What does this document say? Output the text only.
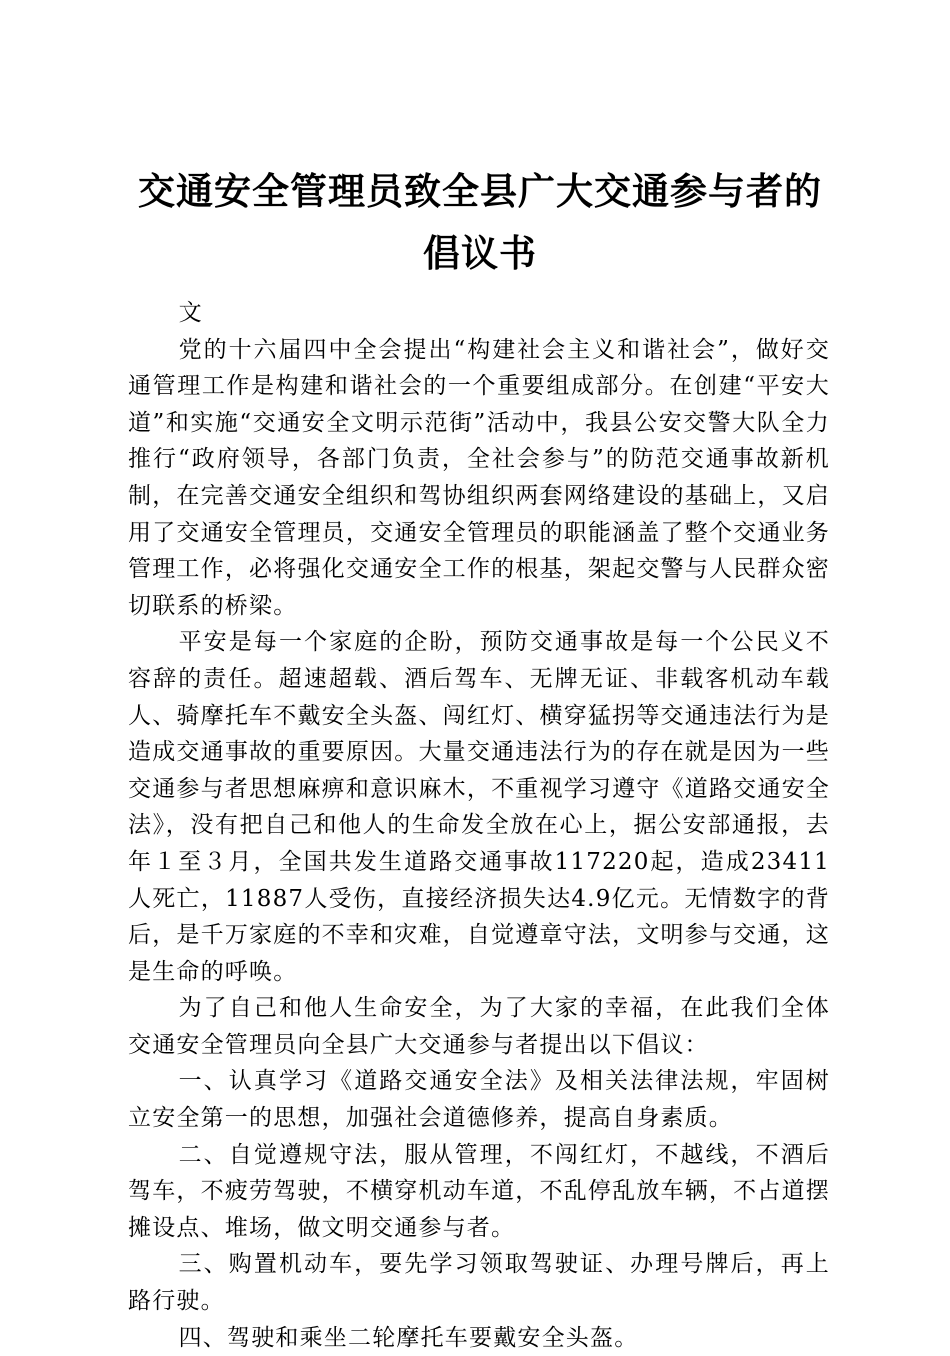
交通安全管理员致全县广大交通参与者的倡议书

文

党的十六届四中全会提出“构建社会主义和谐社会”，做好交通管理工作是构建和谐社会的一个重要组成部分。在创建“平安大道”和实施“交通安全文明示范街”活动中，我县公安交警大队全力推行“政府领导，各部门负责，全社会参与”的防范交通事故新机制，在完善交通安全组织和驾协组织两套网络建设的基础上，又启用了交通安全管理员，交通安全管理员的职能涵盖了整个交通业务管理工作，必将强化交通安全工作的根基，架起交警与人民群众密切联系的桥梁。

平安是每一个家庭的企盼，预防交通事故是每一个公民义不容辞的责任。超速超载、酒后驾车、无牌无证、非载客机动车载人、骑摩托车不戴安全头盔、闯红灯、横穿猛拐等交通违法行为是造成交通事故的重要原因。大量交通违法行为的存在就是因为一些交通参与者思想麻痹和意识麻木，不重视学习遵守《道路交通安全法》，没有把自己和他人的生命发全放在心上，据公安部通报，去年１至３月，全国共发生道路交通事故117220起，造成23411人死亡，11887人受伤，直接经济损失达4.9亿元。无情数字的背后，是千万家庭的不幸和灾难，自觉遵章守法，文明参与交通，这是生命的呼唤。

为了自己和他人生命安全，为了大家的幸福，在此我们全体交通安全管理员向全县广大交通参与者提出以下倡议：

一、认真学习《道路交通安全法》及相关法律法规，牢固树立安全第一的思想，加强社会道德修养，提高自身素质。

二、自觉遵规守法，服从管理，不闯红灯，不越线，不酒后驾车，不疲劳驾驶，不横穿机动车道，不乱停乱放车辆，不占道摆摊设点、堆场，做文明交通参与者。

三、购置机动车，要先学习领取驾驶证、办理号牌后，再上路行驶。

四、驾驶和乘坐二轮摩托车要戴安全头盔。
